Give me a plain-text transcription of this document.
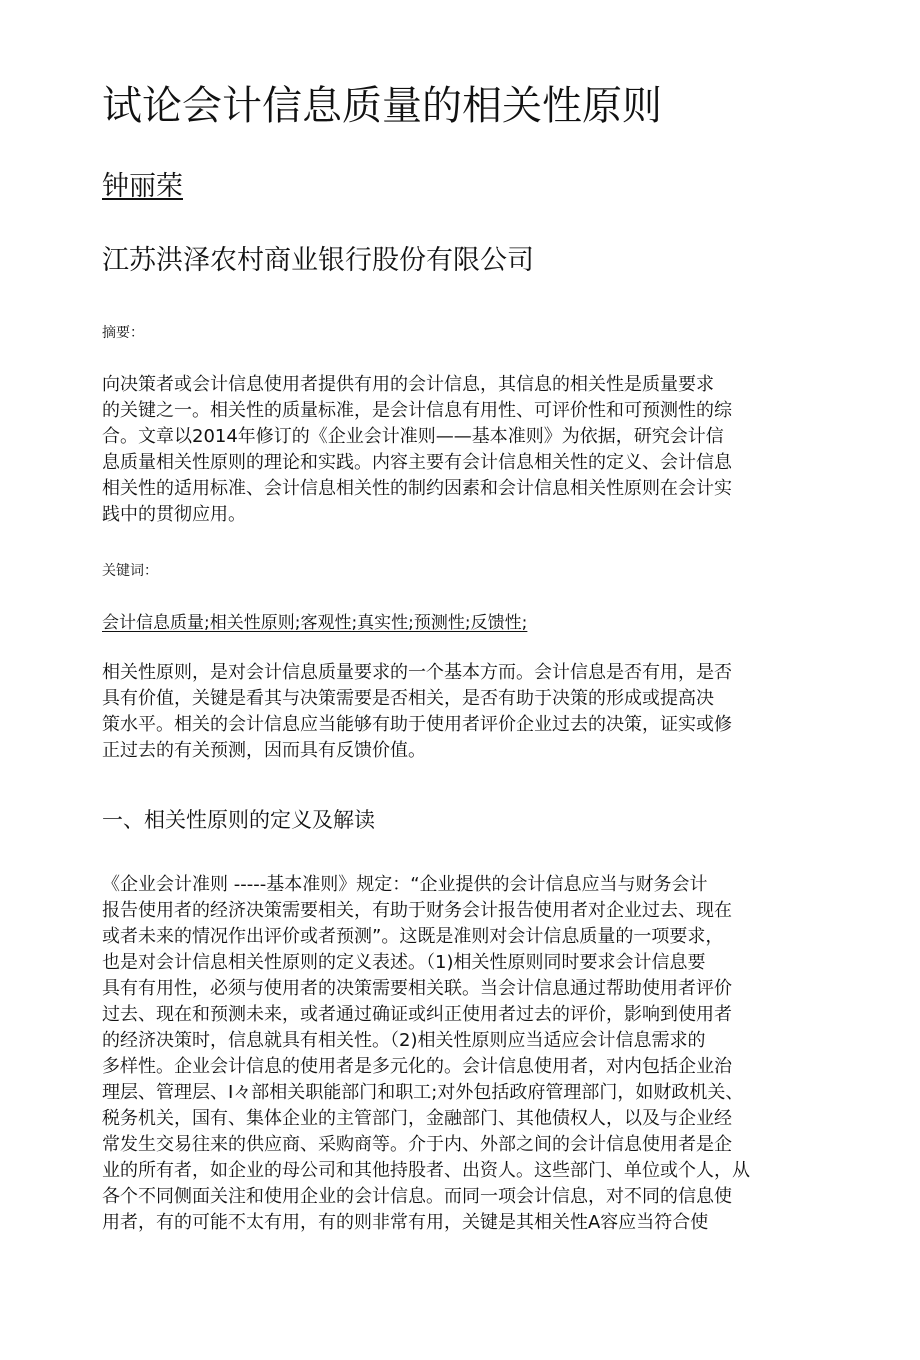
试论会计信息质量的相关性原则
钟丽荣
江苏洪泽农村商业银行股份有限公司
摘要：
向决策者或会计信息使用者提供有用的会计信息，其信息的相关性是质量要求
的关键之一。相关性的质量标准，是会计信息有用性、可评价性和可预测性的综
合。文章以2014年修订的《企业会计准则——基本准则》为依据，研究会计信
息质量相关性原则的理论和实践。内容主要有会计信息相关性的定义、会计信息
相关性的适用标准、会计信息相关性的制约因素和会计信息相关性原则在会计实
践中的贯彻应用。
关键词：
会计信息质量;相关性原则;客观性;真实性;预测性;反馈性;
相关性原则，是对会计信息质量要求的一个基本方而。会计信息是否有用，是否
具有价值，关键是看其与决策需要是否相关，是否有助于决策的形成或提高决
策水平。相关的会计信息应当能够有助于使用者评价企业过去的决策，证实或修
正过去的有关预测，因而具有反馈价值。
一、相关性原则的定义及解读
《企业会计准则 -----基本准则》规定：“企业提供的会计信息应当与财务会计
报告使用者的经济决策需要相关，有助于财务会计报告使用者对企业过去、现在
或者未来的情况作出评价或者预测”。这既是准则对会计信息质量的一项要求，
也是对会计信息相关性原则的定义表述。（1)相关性原则同时要求会计信息要
具有有用性，必须与使用者的决策需要相关联。当会计信息通过帮助使用者评价
过去、现在和预测未来，或者通过确证或纠正使用者过去的评价，影响到使用者
的经济决策时，信息就具有相关性。（2)相关性原则应当适应会计信息需求的
多样性。企业会计信息的使用者是多元化的。会计信息使用者，对内包括企业治
理层、管理层、I々部相关职能部门和职工;对外包括政府管理部门，如财政机关、
税务机关，国有、集体企业的主管部门，金融部门、其他债权人，以及与企业经
常发生交易往来的供应商、采购商等。介于内、外部之间的会计信息使用者是企
业的所有者，如企业的母公司和其他持股者、出资人。这些部门、单位或个人，从
各个不同侧面关注和使用企业的会计信息。而同一项会计信息，对不同的信息使
用者，有的可能不太有用，有的则非常有用，关键是其相关性A容应当符合使
